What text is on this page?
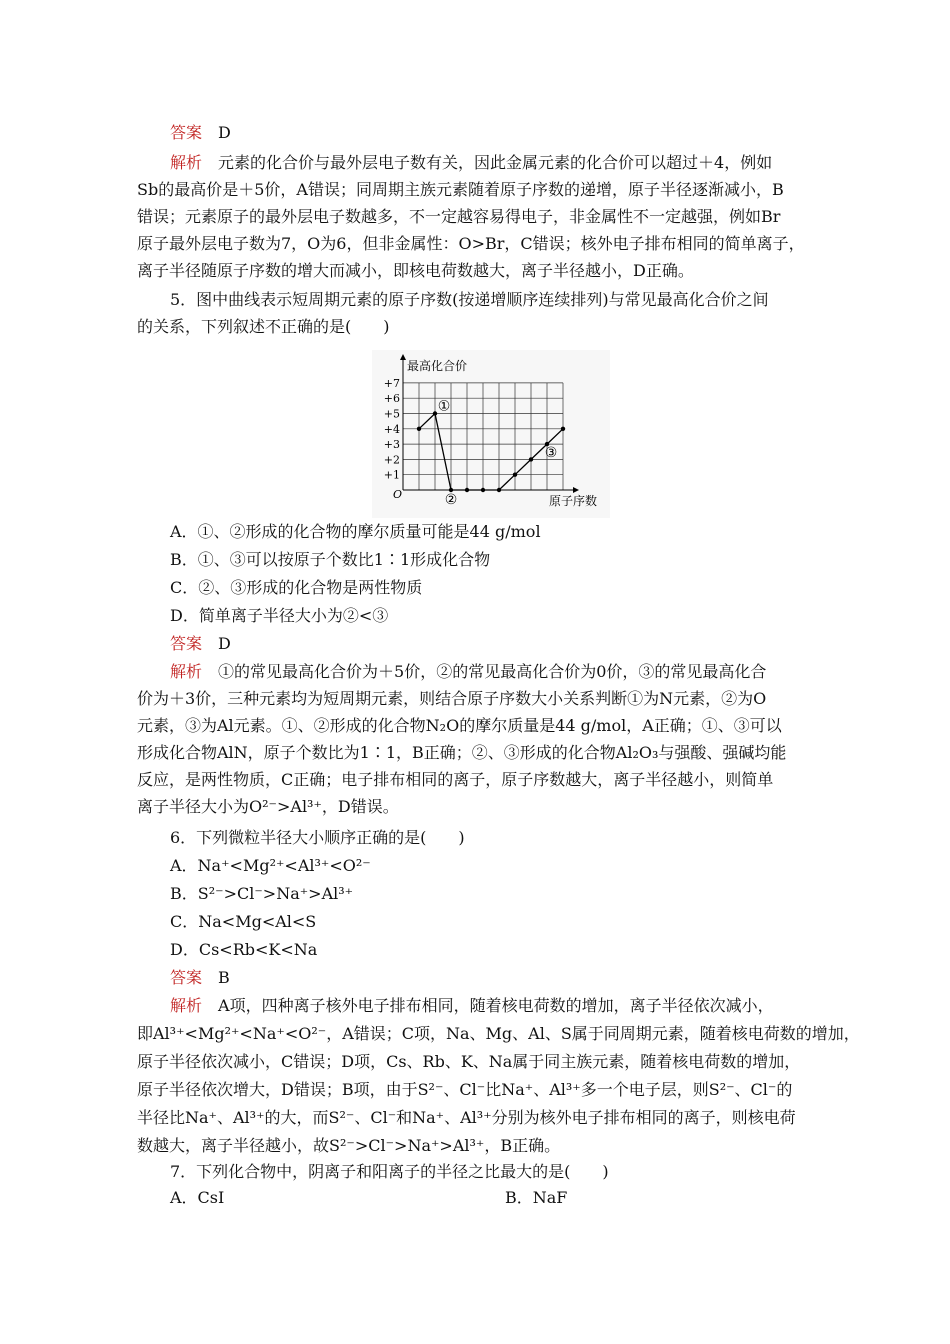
答案　 D
解析　 元素的化合价与最外层电子数有关，因此金属元素的化合价可以超过＋4，例如
Sb的最高价是＋5价，A错误；同周期主族元素随着原子序数的递增，原子半径逐渐减小，B
错误；元素原子的最外层电子数越多，不一定越容易得电子，非金属性不一定越强，例如Br
原子最外层电子数为7，O为6，但非金属性：O>Br，C错误；核外电子排布相同的简单离子，
离子半径随原子序数的增大而减小，即核电荷数越大，离子半径越小，D正确。
5．图中曲线表示短周期元素的原子序数(按递增顺序连续排列)与常见最高化合价之间
的关系，下列叙述不正确的是(　　)
+1
+2
+3
+4
+5
+6
+7
O
最高化合价
原子序数
①
②
③
A．①、②形成的化合物的摩尔质量可能是44 g/mol
B．①、③可以按原子个数比1∶1形成化合物
C．②、③形成的化合物是两性物质
D．简单离子半径大小为②<③
答案　 D
解析　 ①的常见最高化合价为＋5价，②的常见最高化合价为0价，③的常见最高化合
价为＋3价，三种元素均为短周期元素，则结合原子序数大小关系判断①为N元素，②为O
元素，③为Al元素。①、②形成的化合物N₂O的摩尔质量是44 g/mol，A正确；①、③可以
形成化合物AlN，原子个数比为1∶1，B正确；②、③形成的化合物Al₂O₃与强酸、强碱均能
反应，是两性物质，C正确；电子排布相同的离子，原子序数越大，离子半径越小，则简单
离子半径大小为O²⁻>Al³⁺，D错误。
6．下列微粒半径大小顺序正确的是(　　)
A．Na⁺<Mg²⁺<Al³⁺<O²⁻
B．S²⁻>Cl⁻>Na⁺>Al³⁺
C．Na<Mg<Al<S
D．Cs<Rb<K<Na
答案　 B
解析　 A项，四种离子核外电子排布相同，随着核电荷数的增加，离子半径依次减小，
即Al³⁺<Mg²⁺<Na⁺<O²⁻，A错误；C项，Na、Mg、Al、S属于同周期元素，随着核电荷数的增加，
原子半径依次减小，C错误；D项，Cs、Rb、K、Na属于同主族元素，随着核电荷数的增加，
原子半径依次增大，D错误；B项，由于S²⁻、Cl⁻比Na⁺、Al³⁺多一个电子层，则S²⁻、Cl⁻的
半径比Na⁺、Al³⁺的大，而S²⁻、Cl⁻和Na⁺、Al³⁺分别为核外电子排布相同的离子，则核电荷
数越大，离子半径越小，故S²⁻>Cl⁻>Na⁺>Al³⁺，B正确。
7．下列化合物中，阴离子和阳离子的半径之比最大的是(　　)
A．CsI	B．NaF
